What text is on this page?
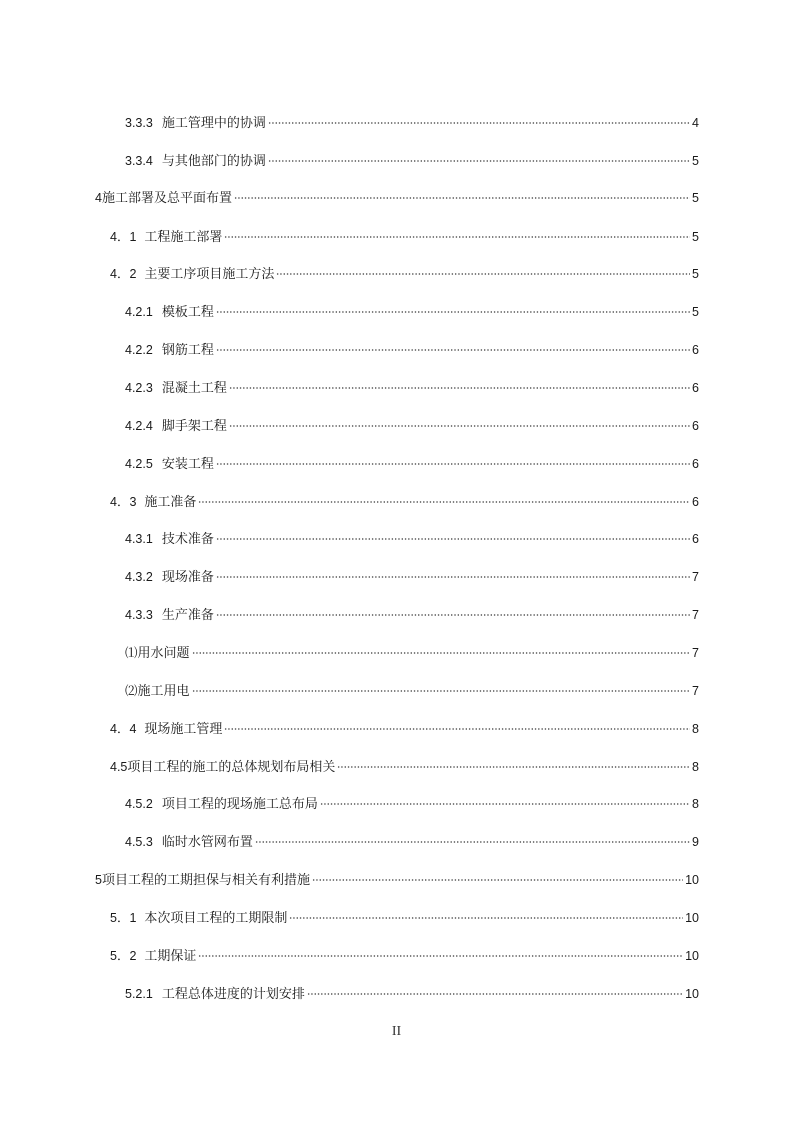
3.3.3 施工管理中的协调	4
3.3.4 与其他部门的协调	5
4 施工部署及总平面布置	5
4．1 工程施工部署	5
4．2 主要工序项目施工方法	5
4.2.1 模板工程	5
4.2.2 钢筋工程	6
4.2.3 混凝土工程	6
4.2.4 脚手架工程	6
4.2.5 安装工程	6
4．3 施工准备	6
4.3.1 技术准备	6
4.3.2 现场准备	7
4.3.3 生产准备	7
⑴ 用水问题	7
⑵ 施工用电	7
4．4 现场施工管理	8
4.5 项目工程的施工的总体规划布局相关	8
4.5.2 项目工程的现场施工总布局	8
4.5.3 临时水管网布置	9
5 项目工程的工期担保与相关有利措施	10
5．1 本次项目工程的工期限制	10
5．2 工期保证	10
5.2.1 工程总体进度的计划安排	10
II
